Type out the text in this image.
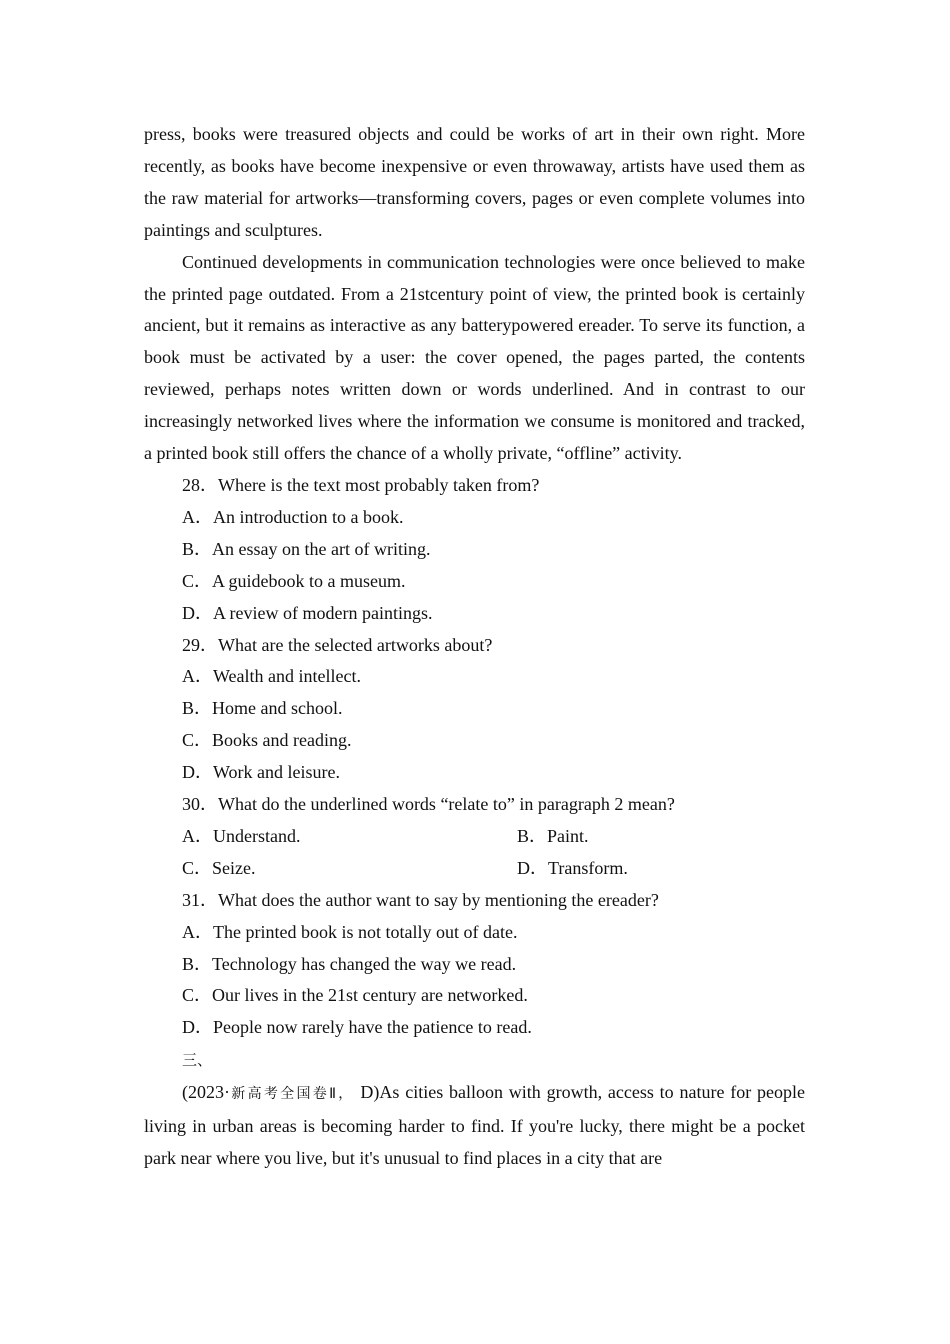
press, books were treasured objects and could be works of art in their own right. More recently, as books have become inexpensive or even throwaway, artists have used them as the raw material for artworks—transforming covers, pages or even complete volumes into paintings and sculptures.

Continued developments in communication technologies were once believed to make the printed page outdated. From a 21stcentury point of view, the printed book is certainly ancient, but it remains as interactive as any batterypowered ereader. To serve its function, a book must be activated by a user: the cover opened, the pages parted, the contents reviewed, perhaps notes written down or words underlined. And in contrast to our increasingly networked lives where the information we consume is monitored and tracked, a printed book still offers the chance of a wholly private, “offline” activity.

28．Where is the text most probably taken from?

A．An introduction to a book.

B．An essay on the art of writing.

C．A guidebook to a museum.

D．A review of modern paintings.

29．What are the selected artworks about?

A．Wealth and intellect.

B．Home and school.

C．Books and reading.

D．Work and leisure.

30．What do the underlined words “relate to” in paragraph 2 mean?

A．Understand.	B．Paint.
C．Seize.	D．Transform.

31．What does the author want to say by mentioning the ereader?

A．The printed book is not totally out of date.

B．Technology has changed the way we read.

C．Our lives in the 21st century are networked.

D．People now rarely have the patience to read.

三、

(2023·新高考全国卷Ⅱ， D)As cities balloon with growth, access to nature for people living in urban areas is becoming harder to find. If you're lucky, there might be a pocket park near where you live, but it's unusual to find places in a city that are
